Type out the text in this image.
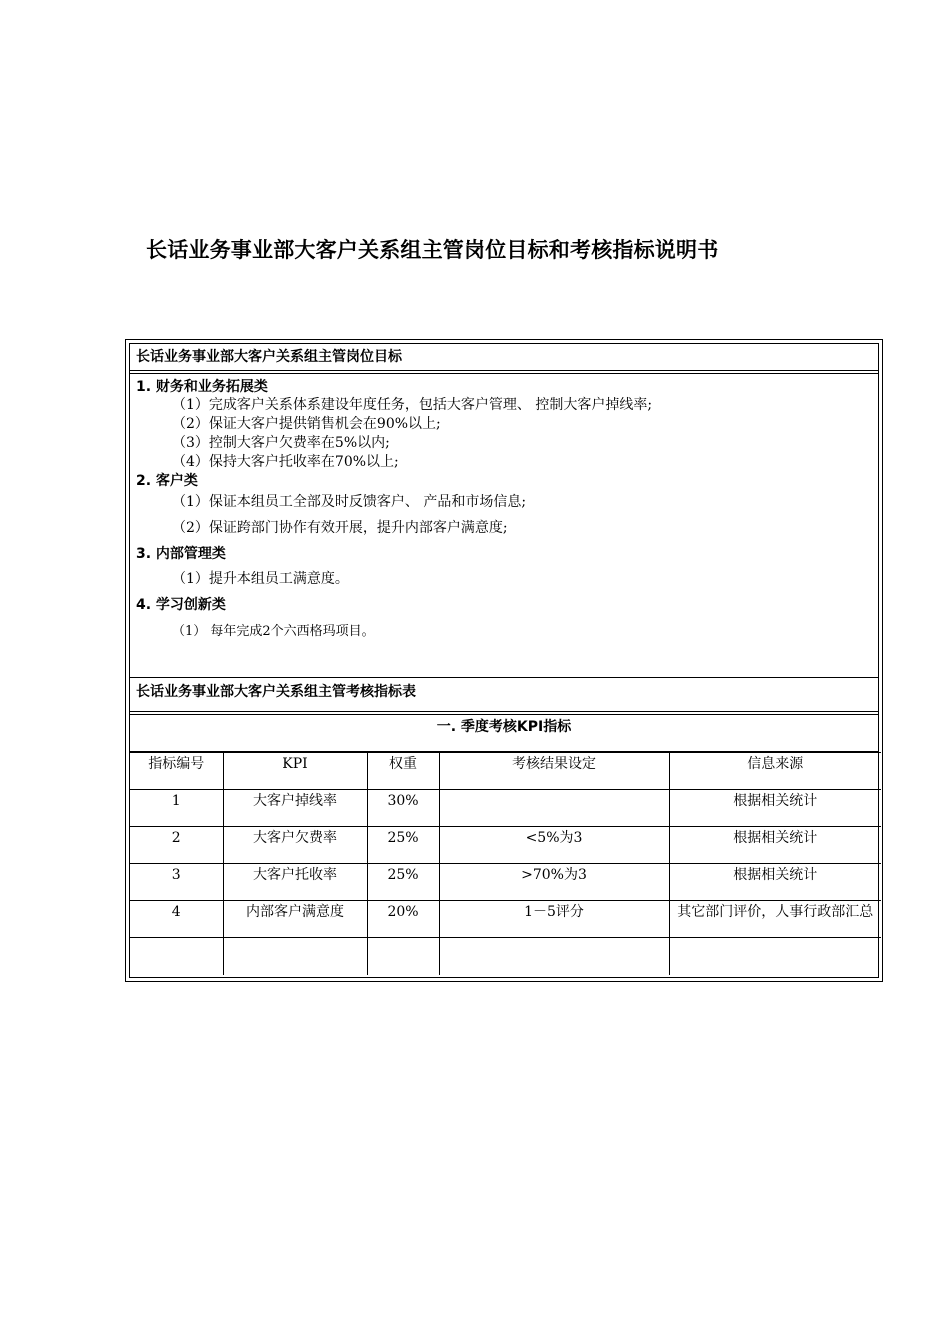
长话业务事业部大客户关系组主管岗位目标和考核指标说明书
长话业务事业部大客户关系组主管岗位目标
1. 财务和业务拓展类
（1）完成客户关系体系建设年度任务，包括大客户管理、 控制大客户掉线率;
（2）保证大客户提供销售机会在90%以上;
（3）控制大客户欠费率在5%以内;
（4）保持大客户托收率在70%以上;
2. 客户类
（1）保证本组员工全部及时反馈客户、 产品和市场信息;
（2）保证跨部门协作有效开展，提升内部客户满意度;
3. 内部管理类
（1）提升本组员工满意度。
4. 学习创新类
（1） 每年完成2个六西格玛项目。
长话业务事业部大客户关系组主管考核指标表
一. 季度考核KPI指标
指标编号	KPI	权重	考核结果设定	信息来源
1	大客户掉线率	30%		根据相关统计
2	大客户欠费率	25%	<5%为3	根据相关统计
3	大客户托收率	25%	>70%为3	根据相关统计
4	内部客户满意度	20%	1－5评分	其它部门评价，人事行政部汇总
